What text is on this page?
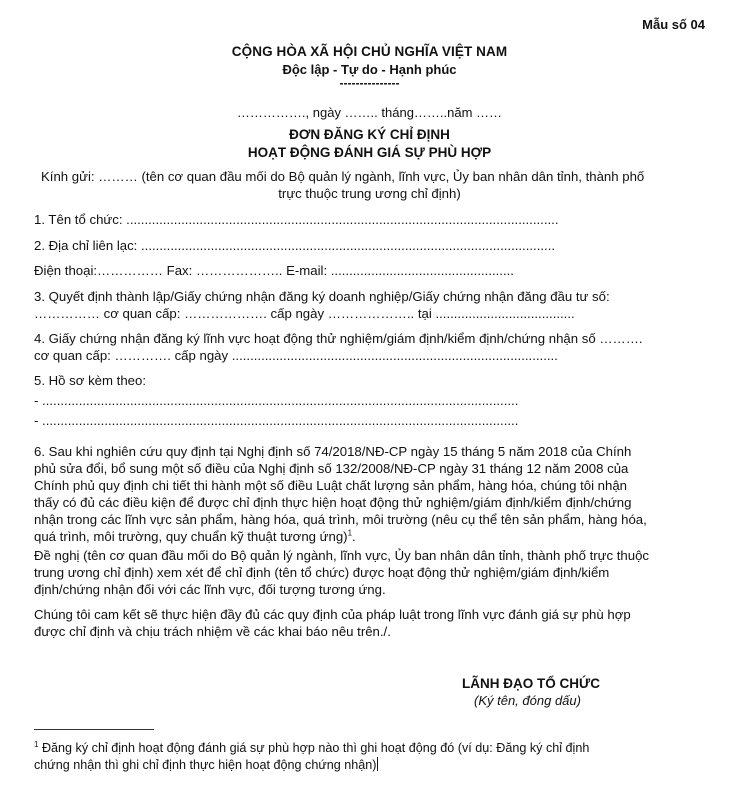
Mẫu số 04
CỘNG HÒA XÃ HỘI CHỦ NGHĨA VIỆT NAM
Độc lập - Tự do - Hạnh phúc
---------------
……………., ngày …….. tháng……..năm ……
ĐƠN ĐĂNG KÝ CHỈ ĐỊNH
HOẠT ĐỘNG ĐÁNH GIÁ SỰ PHÙ HỢP
Kính gửi: ……… (tên cơ quan đầu mối do Bộ quản lý ngành, lĩnh vực, Ủy ban nhân dân tỉnh, thành phố
trực thuộc trung ương chỉ định)
1. Tên tổ chức: ......................................................................................................................
2. Địa chỉ liên lạc: .................................................................................................................
Điện thoại:…………… Fax: ……………….. E-mail: ..................................................
3. Quyết định thành lập/Giấy chứng nhận đăng ký doanh nghiệp/Giấy chứng nhận đăng đầu tư số:
…………… cơ quan cấp: ………………. cấp ngày ……………….. tại ......................................
4. Giấy chứng nhận đăng ký lĩnh vực hoạt động thử nghiệm/giám định/kiểm định/chứng nhận số ……….
cơ quan cấp: …………. cấp ngày .........................................................................................
5. Hồ sơ kèm theo:
- ..................................................................................................................................
- ..................................................................................................................................

6. Sau khi nghiên cứu quy định tại Nghị định số 74/2018/NĐ-CP ngày 15 tháng 5 năm 2018 của Chính

phủ sửa đổi, bổ sung một số điều của Nghị định số 132/2008/NĐ-CP ngày 31 tháng 12 năm 2008 của

Chính phủ quy định chi tiết thi hành một số điều Luật chất lượng sản phẩm, hàng hóa, chúng tôi nhận

thấy có đủ các điều kiện để được chỉ định thực hiện hoạt động thử nghiệm/giám định/kiểm định/chứng

nhận trong các lĩnh vực sản phẩm, hàng hóa, quá trình, môi trường (nêu cụ thể tên sản phẩm, hàng hóa,

quá trình, môi trường, quy chuẩn kỹ thuật tương ứng)$^1$.

Đề nghị (tên cơ quan đầu mối do Bộ quản lý ngành, lĩnh vực, Ủy ban nhân dân tỉnh, thành phố trực thuộc

trung ương chỉ định) xem xét để chỉ định (tên tổ chức) được hoạt động thử nghiệm/giám định/kiểm

định/chứng nhận đối với các lĩnh vực, đối tượng tương ứng.

Chúng tôi cam kết sẽ thực hiện đầy đủ các quy định của pháp luật trong lĩnh vực đánh giá sự phù hợp

được chỉ định và chịu trách nhiệm về các khai báo nêu trên./.

LÃNH ĐẠO TỔ CHỨC
(Ký tên, đóng dấu)
$^1$ Đăng ký chỉ định hoạt động đánh giá sự phù hợp nào thì ghi hoạt động đó (ví dụ: Đăng ký chỉ định
chứng nhận thì ghi chỉ định thực hiện hoạt động chứng nhận)
